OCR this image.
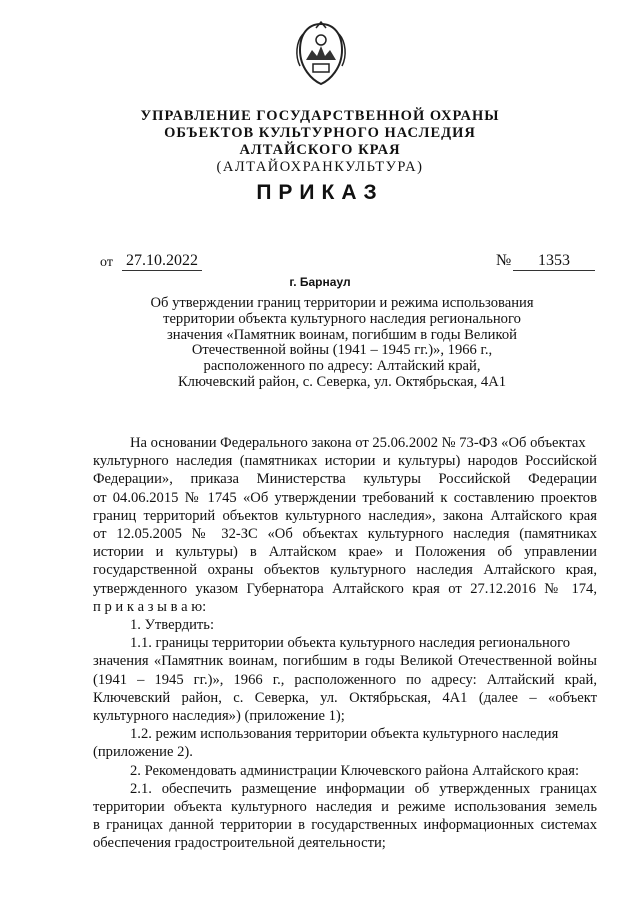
УПРАВЛЕНИЕ ГОСУДАРСТВЕННОЙ ОХРАНЫ
ОБЪЕКТОВ КУЛЬТУРНОГО НАСЛЕДИЯ
АЛТАЙСКОГО КРАЯ
(АЛТАЙОХРАНКУЛЬТУРА)
ПРИКАЗ
от 27.10.2022	№	1353
г. Барнаул
Об утверждении границ территории и режима использования
территории объекта культурного наследия регионального
значения «Памятник воинам, погибшим в годы Великой
Отечественной войны (1941 – 1945 гг.)», 1966 г.,
расположенного по адресу: Алтайский край,
Ключевский район, с. Северка, ул. Октябрьская, 4А1
На основании Федерального закона от 25.06.2002 № 73-ФЗ «Об объектах
культурного наследия (памятниках истории и культуры) народов Российской
Федерации», приказа Министерства культуры Российской Федерации
от 04.06.2015 № 1745 «Об утверждении требований к составлению проектов
границ территорий объектов культурного наследия», закона Алтайского края
от 12.05.2005 № 32-ЗС «Об объектах культурного наследия (памятниках
истории и культуры) в Алтайском крае» и Положения об управлении
государственной охраны объектов культурного наследия Алтайского края,
утвержденного указом Губернатора Алтайского края от 27.12.2016 № 174,
п р и к а з ы в а ю:
1. Утвердить:
1.1. границы территории объекта культурного наследия регионального
значения «Памятник воинам, погибшим в годы Великой Отечественной войны
(1941 – 1945 гг.)», 1966 г., расположенного по адресу: Алтайский край,
Ключевский район, с. Северка, ул. Октябрьская, 4А1 (далее – «объект
культурного наследия») (приложение 1);
1.2. режим использования территории объекта культурного наследия
(приложение 2).
2. Рекомендовать администрации Ключевского района Алтайского края:
2.1. обеспечить размещение информации об утвержденных границах
территории объекта культурного наследия и режиме использования земель
в границах данной территории в государственных информационных системах
обеспечения градостроительной деятельности;
